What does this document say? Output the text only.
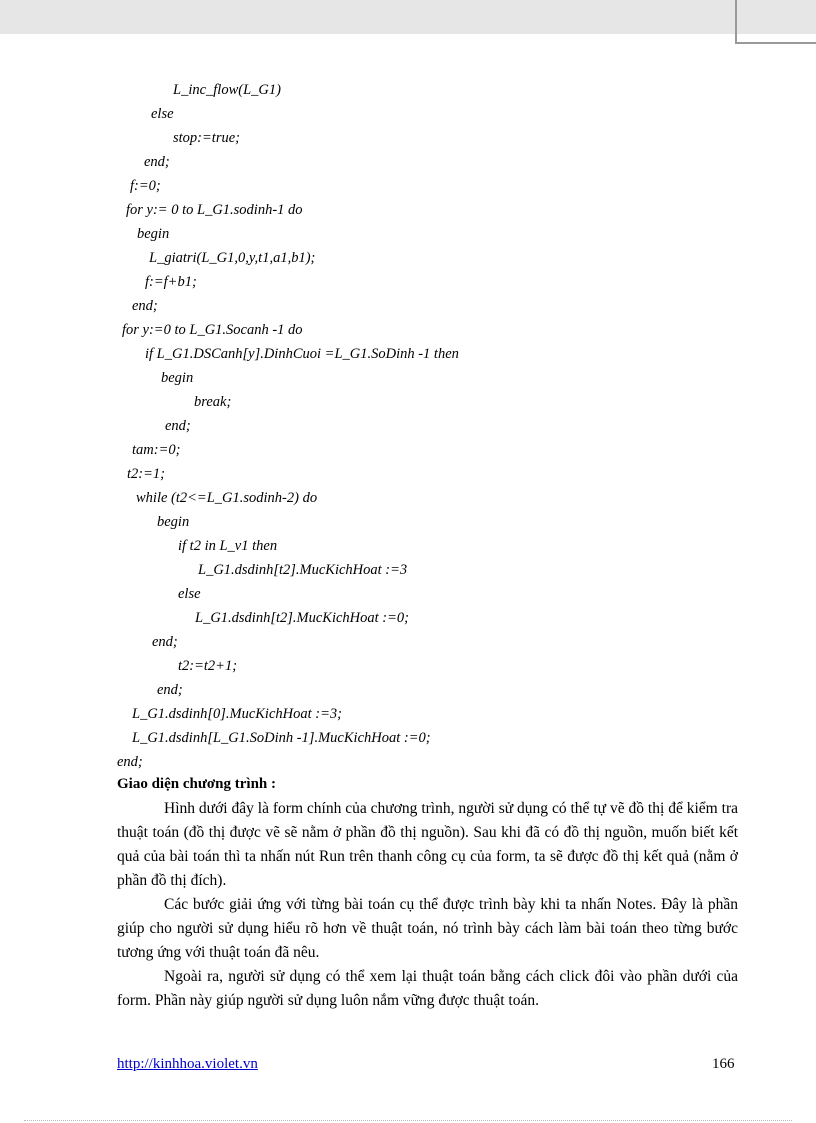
L_inc_flow(L_G1)
else
stop:=true;
end;
f:=0;
for y:= 0 to L_G1.sodinh-1 do
begin
L_giatri(L_G1,0,y,t1,a1,b1);
f:=f+b1;
end;
for y:=0 to L_G1.Socanh -1 do
if L_G1.DSCanh[y].DinhCuoi =L_G1.SoDinh -1 then
begin
break;
end;
tam:=0;
t2:=1;
while (t2<=L_G1.sodinh-2) do
begin
if t2 in L_v1 then
L_G1.dsdinh[t2].MucKichHoat :=3
else
L_G1.dsdinh[t2].MucKichHoat :=0;
end;
t2:=t2+1;
end;
L_G1.dsdinh[0].MucKichHoat :=3;
L_G1.dsdinh[L_G1.SoDinh -1].MucKichHoat :=0;
end;
Giao diện chương trình :

Hình dưới đây là form chính của chương trình, người sử dụng có thể tự vẽ đồ thị để kiểm tra thuật toán (đồ thị được vẽ sẽ nằm ở phần đồ thị nguồn). Sau khi đã có đồ thị nguồn, muốn biết kết quả của bài toán thì ta nhấn nút Run trên thanh công cụ của form, ta sẽ được đồ thị kết quả (nằm ở phần đồ thị đích).

Các bước giải ứng với từng bài toán cụ thể được trình bày khi ta nhấn Notes. Đây là phần giúp cho người sử dụng hiểu rõ hơn về thuật toán, nó trình bày cách làm bài toán theo từng bước tương ứng với thuật toán đã nêu.

Ngoài ra, người sử dụng có thể xem lại thuật toán bằng cách click đôi vào phần dưới của form. Phần này giúp người sử dụng luôn nắm vững được thuật toán.

http://kinhhoa.violet.vn	166
